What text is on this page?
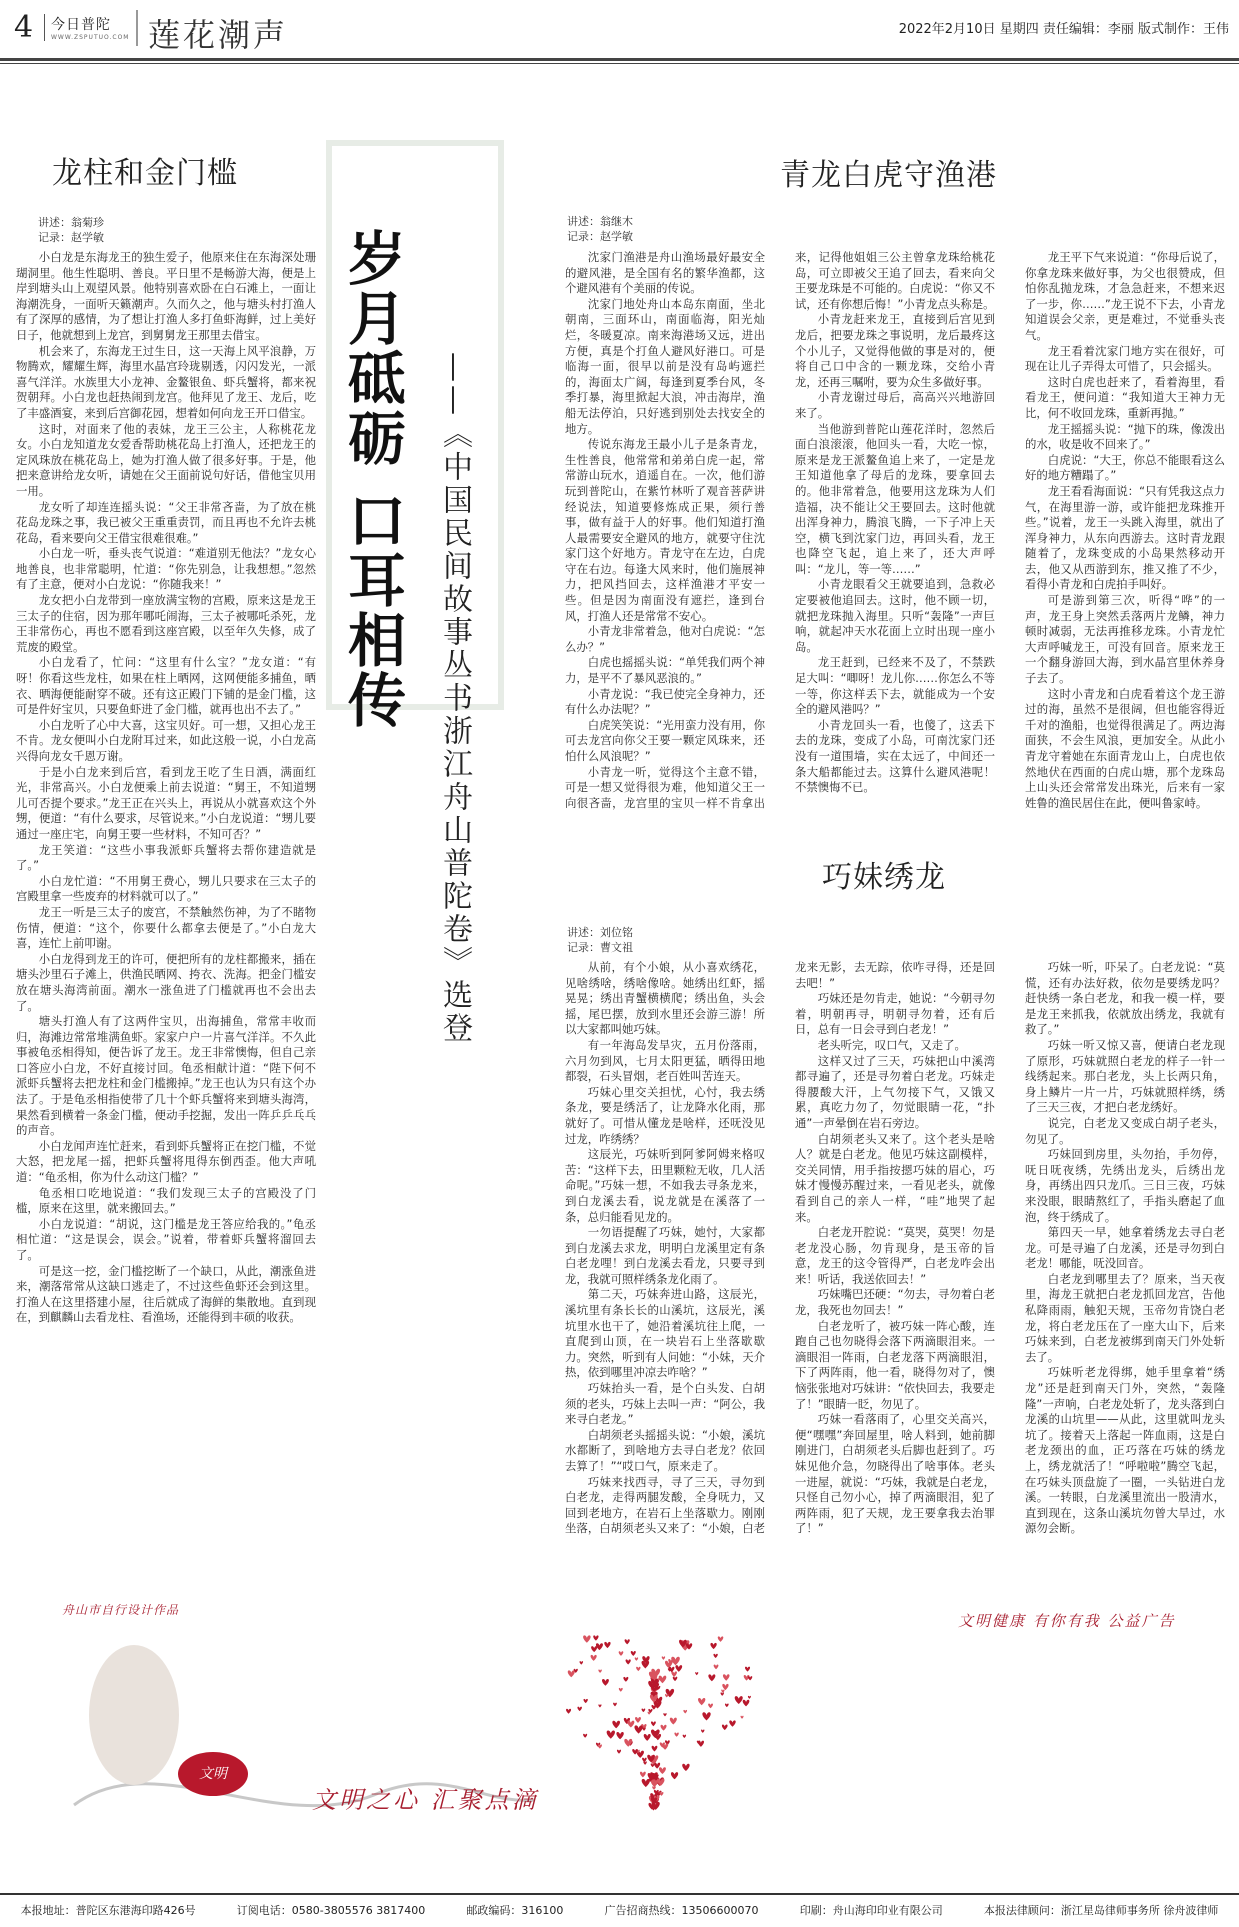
4 今日普陀
WWW.ZSPUTUO.COM 莲花潮声	2022年2月10日 星期四 责任编辑：李丽 版式制作：王伟
岁月砥砺 口耳相传 ——《中国民间故事丛书浙江舟山普陀卷》选登
龙柱和金门槛
讲述：翁菊珍
记录：赵学敏

小白龙是东海龙王的独生爱子，他原来住在东海深处珊瑚洞里。他生性聪明、善良。平日里不是畅游大海，便是上岸到塘头山上观望风景。他特别喜欢卧在白石滩上，一面让海潮洗身，一面听天籁潮声。久而久之，他与塘头村打渔人有了深厚的感情，为了想让打渔人多打鱼虾海鲜，过上美好日子，他就想到上龙宫，到舅舅龙王那里去借宝。

机会来了，东海龙王过生日，这一天海上风平浪静，万物腾欢，耀耀生辉，海里水晶宫玲珑剔透，闪闪发光，一派喜气洋洋。水族里大小龙神、金鳌银鱼、虾兵蟹将，都来祝贺朝拜。小白龙也赶热闹到龙宫。他拜见了龙王、龙后，吃了丰盛酒宴，来到后宫御花园，想着如何向龙王开口借宝。

这时，对面来了他的表妹，龙王三公主，人称桃花龙女。小白龙知道龙女爱香帮助桃花岛上打渔人，还把龙王的定风珠放在桃花岛上，她为打渔人做了很多好事。于是，他把来意讲给龙女听，请她在父王面前说句好话，借他宝贝用一用。

龙女听了却连连摇头说：“父王非常吝啬，为了放在桃花岛龙珠之事，我已被父王重重责罚，而且再也不允许去桃花岛，看来要向父王借宝很难很难。”

小白龙一听，垂头丧气说道：“难道别无他法？”龙女心地善良，也非常聪明，忙道：“你先别急，让我想想。”忽然有了主意，便对小白龙说：“你随我来！”

龙女把小白龙带到一座放满宝物的宫殿，原来这是龙王三太子的住宿，因为那年哪吒闹海，三太子被哪吒杀死，龙王非常伤心，再也不愿看到这座宫殿，以至年久失修，成了荒废的殿堂。

小白龙看了，忙问：“这里有什么宝？”龙女道：“有呀！你看这些龙柱，如果在柱上晒网，这网便能多捕鱼，晒衣、晒海便能耐穿不破。还有这正殿门下铺的是金门槛，这可是件好宝贝，只要鱼虾进了金门槛，就再也出不去了。”

小白龙听了心中大喜，这宝贝好。可一想，又担心龙王不肯。龙女便叫小白龙附耳过来，如此这般一说，小白龙高兴得向龙女千恩万谢。

于是小白龙来到后宫，看到龙王吃了生日酒，满面红光，非常高兴。小白龙便乘上前去说道：“舅王，不知道甥儿可否提个要求。”龙王正在兴头上，再说从小就喜欢这个外甥，便道：“有什么要求，尽管说来。”小白龙说道：“甥儿要通过一座庄宅，向舅王要一些材料，不知可否？”

龙王笑道：“这些小事我派虾兵蟹将去帮你建造就是了。”

小白龙忙道：“不用舅王费心，甥儿只要求在三太子的宫殿里拿一些废弃的材料就可以了。”

龙王一听是三太子的废宫，不禁触然伤神，为了不睹物伤情，便道：“这个，你要什么都拿去便是了。”小白龙大喜，连忙上前叩谢。

小白龙得到龙王的许可，便把所有的龙柱都搬来，插在塘头沙里石子滩上，供渔民晒网、挎衣、洗海。把金门槛安放在塘头海湾前面。潮水一涨鱼进了门槛就再也不会出去了。

塘头打渔人有了这两件宝贝，出海捕鱼，常常丰收而归，海滩边常常堆满鱼虾。家家户户一片喜气洋洋。不久此事被龟丞相得知，便告诉了龙王。龙王非常懊悔，但自己亲口答应小白龙，不好直接讨回。龟丞相献计道：“陛下何不派虾兵蟹将去把龙柱和金门槛搬掉。”龙王也认为只有这个办法了。于是龟丞相指使带了几十个虾兵蟹将来到塘头海湾，果然看到横着一条金门槛，便动手挖掘，发出一阵乒乒乓乓的声音。

小白龙闻声连忙赶来，看到虾兵蟹将正在挖门槛，不觉大怒，把龙尾一摇，把虾兵蟹将甩得东倒西歪。他大声吼道：“龟丞相，你为什么动这门槛？”

龟丞相口吃地说道：“我们发现三太子的宫殿没了门槛，原来在这里，就来搬回去。”

小白龙说道：“胡说，这门槛是龙王答应给我的。”龟丞相忙道：“这是误会，误会。”说着，带着虾兵蟹将溜回去了。

可是这一挖，金门槛挖断了一个缺口，从此，潮涨鱼进来，潮落常常从这缺口逃走了，不过这些鱼虾还会到这里。打渔人在这里搭建小屋，往后就成了海鲜的集散地。直到现在，到麒麟山去看龙柱、看渔场，还能得到丰硕的收获。

青龙白虎守渔港
讲述：翁继木
记录：赵学敏

沈家门渔港是舟山渔场最好最安全的避风港，是全国有名的繁华渔都，这个避风港有个美丽的传说。

沈家门地处舟山本岛东南面，坐北朝南，三面环山，南面临海，阳光灿烂，冬暖夏凉。南来海港场又远，进出方便，真是个打鱼人避风好港口。可是临海一面，很早以前是没有岛屿遮拦的，海面太广阔，每逢到夏季台风，冬季打暴，海里掀起大浪，冲击海岸，渔船无法停泊，只好逃到别处去找安全的地方。

传说东海龙王最小儿子是条青龙，生性善良，他常常和弟弟白虎一起，常常游山玩水，逍遥自在。一次，他们游玩到普陀山，在紫竹林听了观音菩萨讲经说法，知道要修炼成正果，须行善事，做有益于人的好事。他们知道打渔人最需要安全避风的地方，就要守住沈家门这个好地方。青龙守在左边，白虎守在右边。每逢大风来时，他们施展神力，把风挡回去，这样渔港才平安一些。但是因为南面没有遮拦，逢到台风，打渔人还是常常不安心。

小青龙非常着急，他对白虎说：“怎么办？”

白虎也摇摇头说：“单凭我们两个神力，是平不了暴风恶浪的。”

小青龙说：“我已使完全身神力，还有什么办法呢？”

白虎笑笑说：“光用蛮力没有用，你可去龙宫向你父王要一颗定风珠来，还怕什么风浪呢？”

小青龙一听，觉得这个主意不错，可是一想又觉得很为难，他知道父王一向很吝啬，龙宫里的宝贝一样不肯拿出来，记得他姐姐三公主曾拿龙珠给桃花岛，可立即被父王追了回去，看来向父王要龙珠是不可能的。白虎说：“你又不试，还有你想后悔！”小青龙点头称是。

小青龙赶来龙王，直接到后宫见到龙后，把要龙珠之事说明，龙后最疼这个小儿子，又觉得他做的事是对的，便将自己口中含的一颗龙珠，交给小青龙，还再三嘱咐，要为众生多做好事。

小青龙谢过母后，高高兴兴地游回来了。

当他游到普陀山莲花洋时，忽然后面白浪滚滚，他回头一看，大吃一惊，原来是龙王派鳌鱼追上来了，一定是龙王知道他拿了母后的龙珠，要拿回去的。他非常着急，他要用这龙珠为人们造福，决不能让父王要回去。这时他就出浑身神力，腾浪飞腾，一下子冲上天空，横飞到沈家门边，再回头看，龙王也降空飞起，追上来了，还大声呼叫：“龙儿，等一等……”

小青龙眼看父王就要追到，急救必定要被他追回去。这时，他不顾一切，就把龙珠抛入海里。只听“轰隆”一声巨响，就起冲天水花面上立时出现一座小岛。

龙王赶到，已经来不及了，不禁跌足大叫：“唧呀！龙儿你……你怎么不等一等，你这样丢下去，就能成为一个安全的避风港吗？”

小青龙回头一看，也傻了，这丢下去的龙珠，变成了小岛，可南沈家门还没有一道围墙，实在太远了，中间还一条大船都能过去。这算什么避风港呢！不禁懊悔不已。

龙王平下气来说道：“你母后说了，你拿龙珠来做好事，为父也很赞成，但怕你乱抛龙珠，才急急赶来，不想来迟了一步，你……”龙王说不下去，小青龙知道误会父亲，更是难过，不觉垂头丧气。

龙王看着沈家门地方实在很好，可现在让儿子弄得太可惜了，只会摇头。

这时白虎也赶来了，看着海里，看看龙王，便问道：“我知道大王神力无比，何不收回龙珠，重新再抛。”

龙王摇摇头说：“抛下的珠，像泼出的水，收是收不回来了。”

白虎说：“大王，你总不能眼看这么好的地方糟蹋了。”

龙王看看海面说：“只有凭我这点力气，在海里游一游，或许能把龙珠推开些。”说着，龙王一头跳入海里，就出了浑身神力，从东向西游去。这时青龙跟随着了，龙珠变成的小岛果然移动开去，他又从西游到东，推又推了不少，看得小青龙和白虎拍手叫好。

可是游到第三次，听得“哗”的一声，龙王身上突然丢落两片龙鳞，神力顿时减弱，无法再推移龙珠。小青龙忙大声呼喊龙王，可没有回音。原来龙王一个翻身游回大海，到水晶宫里休养身子去了。

这时小青龙和白虎看着这个龙王游过的海，虽然不是很阔，但也能容得近千对的渔船，也觉得很满足了。两边海面狭，不会生风浪，更加安全。从此小青龙守着她在东面青龙山上，白虎也依然地伏在西面的白虎山塘，那个龙珠岛上山头还会常常发出珠光，后来有一家姓鲁的渔民居住在此，便叫鲁家峙。

巧妹绣龙
讲述：刘位铭
记录：曹文祖

从前，有个小娘，从小喜欢绣花，见啥绣啥，绣啥像啥。她绣出红虾，摇晃晃；绣出青蟹横横爬；绣出鱼，头会摇，尾巴摆，放到水里还会游三游！所以大家都叫她巧妹。

有一年海岛发旱灾，五月份落雨，六月勿到风，七月太阳更猛，晒得田地都裂，石头冒烟，老百姓叫苦连天。

巧妹心里交关担忧，心忖，我去绣条龙，要是绣活了，让龙降水化雨，那就好了。可惜从懂龙是啥样，还呒没见过龙，咋绣绣？

这辰光，巧妹听到阿爹阿姆来格叹苦：“这样下去，田里颗粒无收，几人活命呢。”巧妹一想，不如我去寻条龙来，到白龙溪去看，说龙就是在溪落了一条，总归能看见龙的。

一勿语提醒了巧妹，她忖，大家都到白龙溪去求龙，明明白龙溪里定有条白老龙哩！到白龙溪去看龙，只要寻到龙，我就可照样绣条龙化雨了。

第二天，巧妹奔进山路，这辰光，溪坑里有条长长的山溪坑，这辰光，溪坑里水也干了，她沿着溪坑往上爬，一直爬到山顶，在一块岩石上坐落歇歇力。突然，听到有人问她：“小妹，天介热，依到哪里冲凉去咋啥？”

巧妹抬头一看，是个白头发、白胡须的老头，巧妹上去叫一声：“阿公，我来寻白老龙。”

白胡须老头摇摇头说：“小娘，溪坑水都断了，到啥地方去寻白老龙？依回去算了！”“哎口气，原来走了。

巧妹来找西寻，寻了三天，寻勿到白老龙，走得两腿发酸，全身呒力，又回到老地方，在岩石上坐落歇力。刚刚坐落，白胡须老头又来了：“小娘，白老龙来无影，去无踪，依咋寻得，还是回去吧！”

巧妹还是勿肯走，她说：“今朝寻勿着，明朝再寻，明朝寻勿着，还有后日，总有一日会寻到白老龙！”

老头听完，叹口气，又走了。

这样又过了三天，巧妹把山中溪湾都寻遍了，还是寻勿着白老龙。巧妹走得腰酸大汗，上气勿接下气，又饿又累，真吃力勿了，勿觉眼睛一花，“扑通”一声晕倒在岩石旁边。

白胡须老头又来了。这个老头是啥人？就是白老龙。他见巧妹这副模样，交关同情，用手指按摁巧妹的眉心，巧妹才慢慢苏醒过来，一看见老头，就像看到自己的亲人一样，“哇”地哭了起来。

白老龙开腔说：“莫哭，莫哭！勿是老龙没心肠，勿肯现身，是玉帝的旨意，龙王的这令管得严，白老龙咋会出来！听话，我送依回去！”

巧妹嘴巴还硬：“勿去，寻勿着白老龙，我死也勿回去！”

白老龙听了，被巧妹一阵心酸，连跑自己也勿晓得会落下两滴眼泪来。一滴眼泪一阵雨，白老龙落下两滴眼泪，下了两阵雨，他一看，晓得勿对了，懊恼张张地对巧妹讲：“依快回去，我要走了！”眼睛一眨，勿见了。

巧妹一看落雨了，心里交关高兴，便“嘿嘿”奔回屋里，啥人料到，她前脚刚进门，白胡须老头后脚也赶到了。巧妹见他介急，勿晓得出了啥事体。老头一进屋，就说：“巧妹，我就是白老龙，只怪自己勿小心，掉了两滴眼泪，犯了两阵雨，犯了天规，龙王要拿我去治罪了！”

巧妹一听，吓呆了。白老龙说：“莫慌，还有办法好救，依勿是要绣龙吗？赶快绣一条白老龙，和我一模一样，要是龙王来抓我，依就放出绣龙，我就有救了。”

巧妹一听又惊又喜，便请白老龙现了原形，巧妹就照白老龙的样子一针一线绣起来。那白老龙，头上长两只角，身上鳞片一片一片，巧妹就照样绣，绣了三天三夜，才把白老龙绣好。

说完，白老龙又变成白胡子老头，勿见了。

巧妹回到房里，头勿抬，手勿停，呒日呒夜绣，先绣出龙头，后绣出龙身，再绣出四只龙爪。三日三夜，巧妹来没眼，眼睛熬红了，手指头磨起了血泡，终于绣成了。

第四天一早，她拿着绣龙去寻白老龙。可是寻遍了白龙溪，还是寻勿到白老龙！哪能，呒没回音。

白老龙到哪里去了？原来，当天夜里，海龙王就把白老龙抓回龙宫，告他私降雨雨，触犯天规，玉帝勿肯饶白老龙，将白老龙压在了一座大山下，后来巧妹来到，白老龙被绑到南天门外处斩去了。

巧妹听老龙得绑，她手里拿着“绣龙”还是赶到南天门外，突然，“轰隆隆”一声响，白老龙处斩了，龙头落到白龙溪的山坑里——从此，这里就叫龙头坑了。接着天上落起一阵血雨，这是白老龙颈出的血，正巧落在巧妹的绣龙上，绣龙就活了！“呼啦啦”腾空飞起，在巧妹头顶盘旋了一圈，一头钻进白龙溪。一转眼，白龙溪里流出一股清水，直到现在，这条山溪坑勿曾大旱过，水源勿会断。

舟山市自行设计作品
文明健康 有你有我 公益广告
文明
文明之心 汇聚点滴
本报地址：普陀区东港海印路426号	订阅电话：0580-3805576 3817400	邮政编码：316100	广告招商热线：13506600070	印刷：舟山海印印业有限公司	本报法律顾问：浙江星岛律师事务所 徐舟波律师
